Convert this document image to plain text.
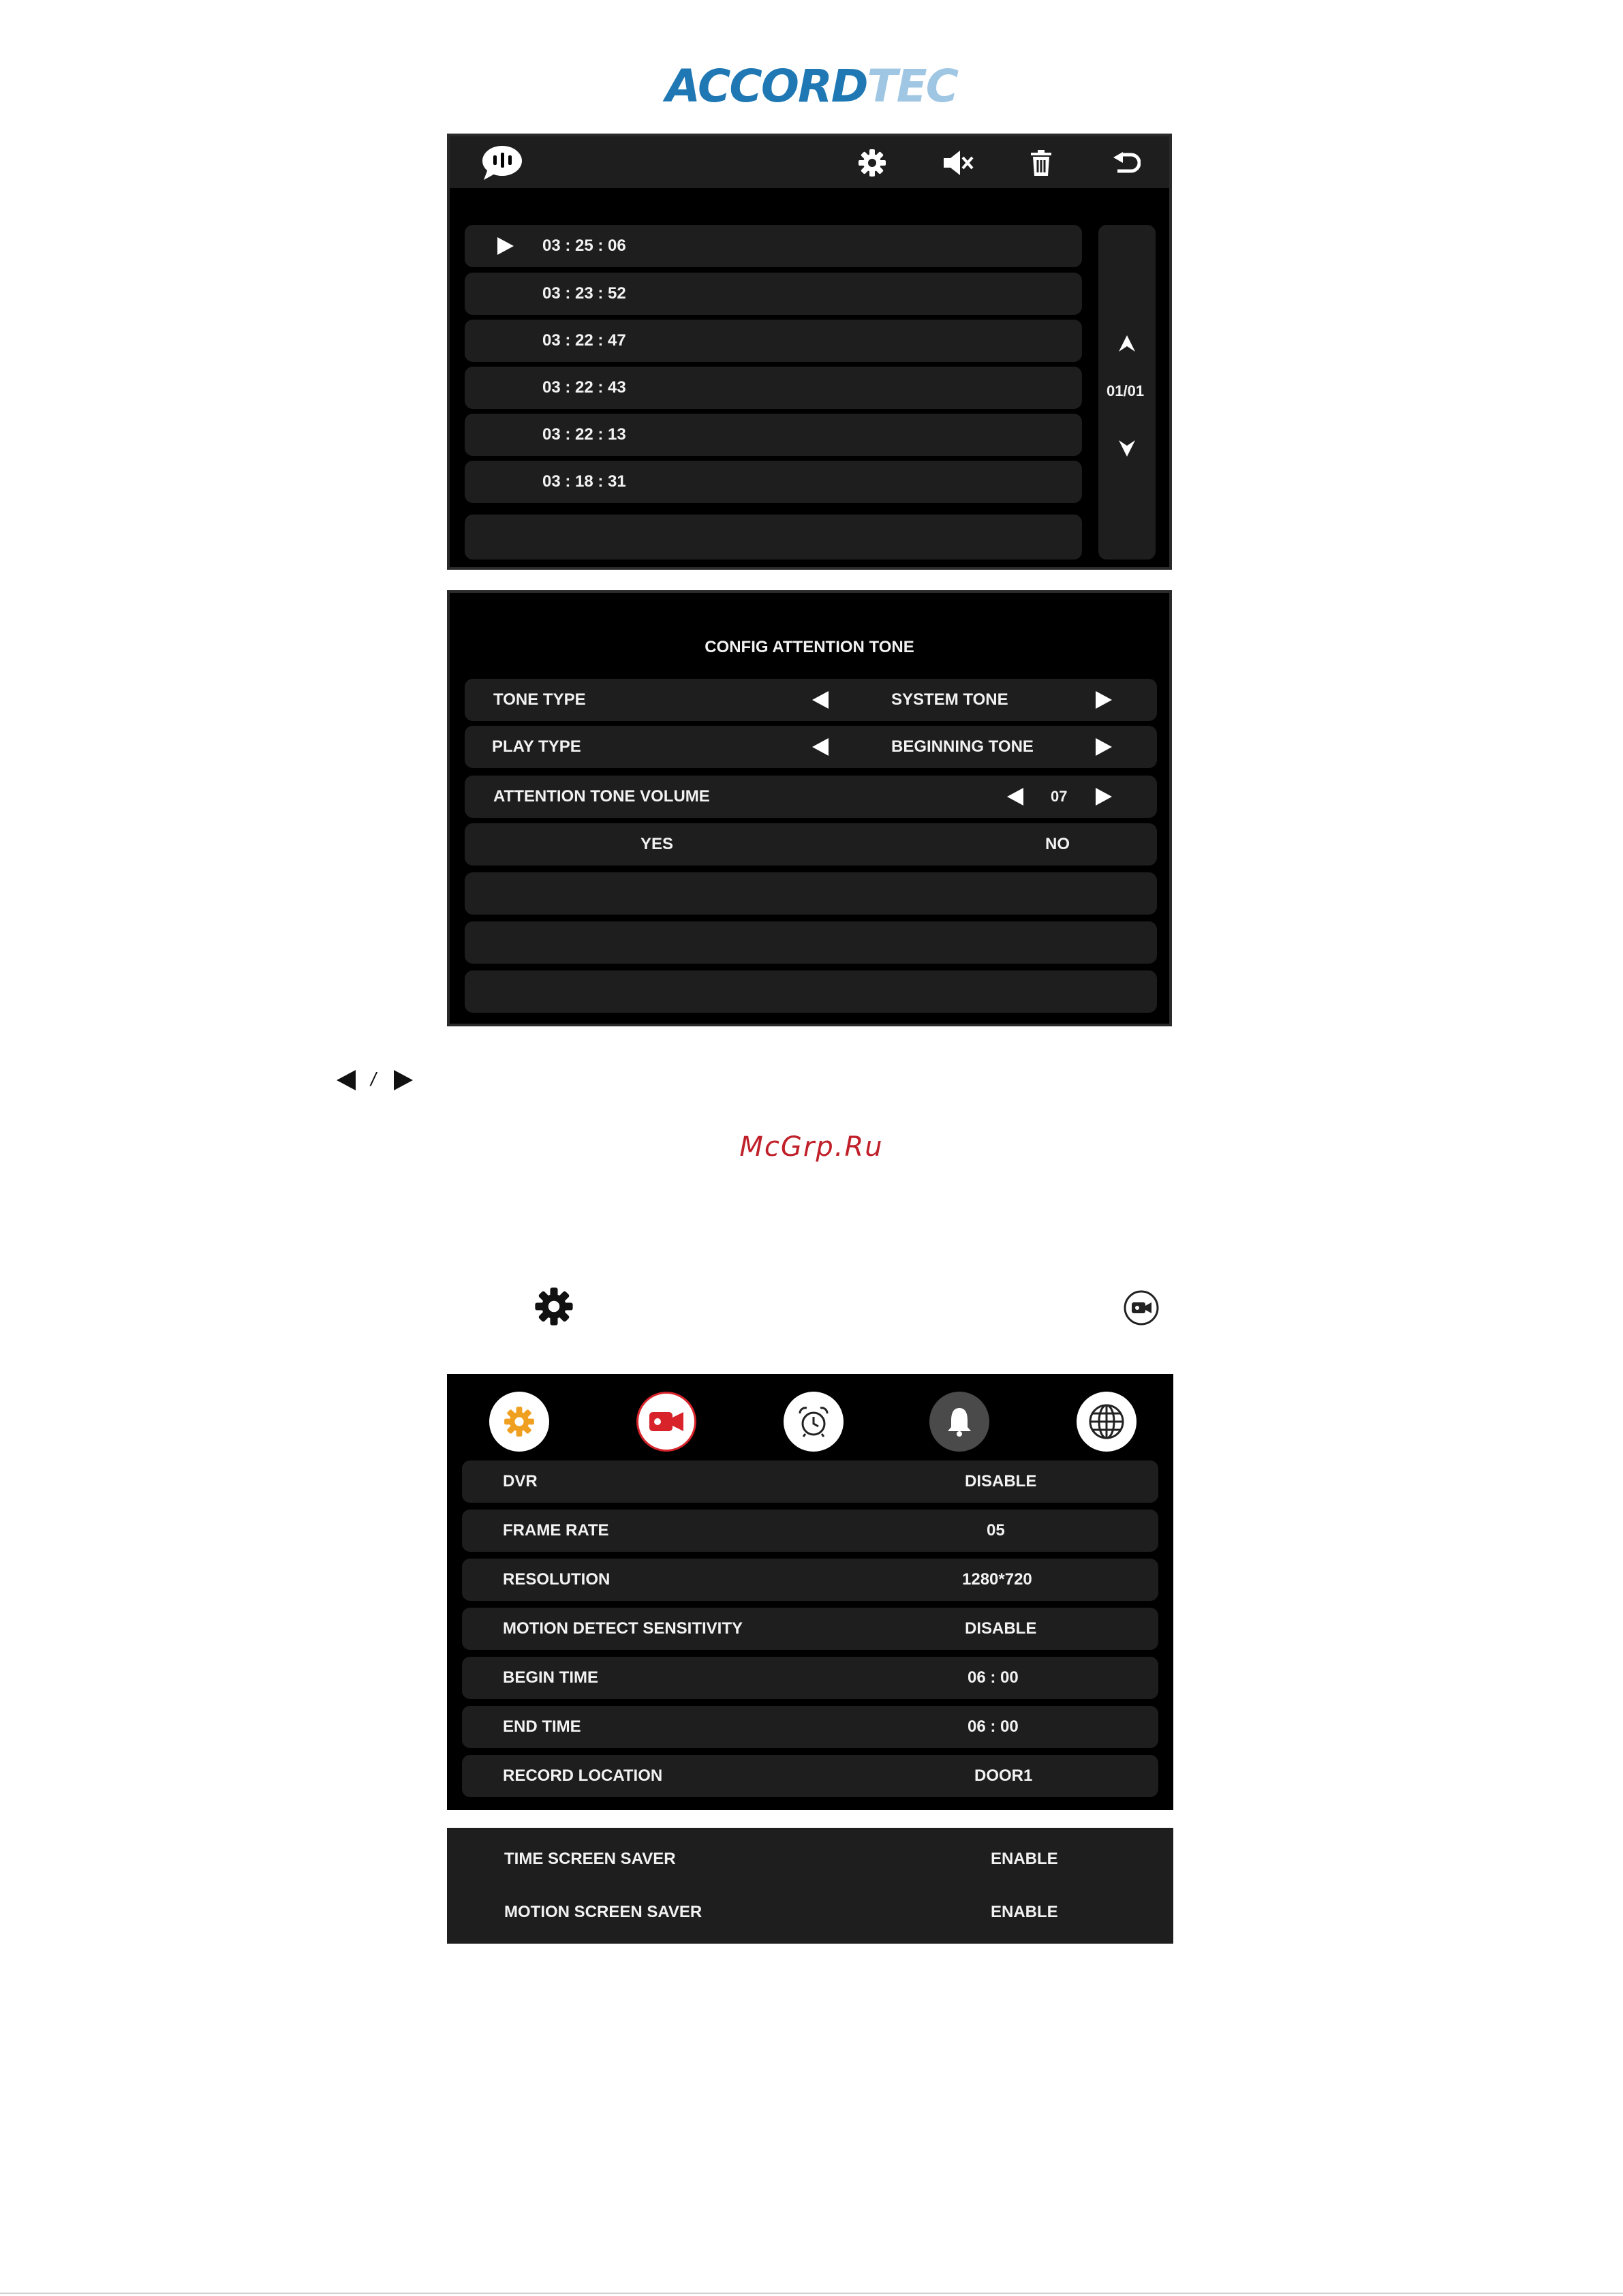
ACCORDTEC
03 : 25 : 06
03 : 23 : 52
03 : 22 : 47
03 : 22 : 43
03 : 22 : 13
03 : 18 : 31
01/01
CONFIG ATTENTION TONE
TONE TYPE	SYSTEM TONE
PLAY TYPE	BEGINNING TONE
ATTENTION TONE VOLUME	07
YES	NO
/
McGrp.Ru
DVR	DISABLE
FRAME RATE	05
RESOLUTION	1280*720
MOTION DETECT SENSITIVITY	DISABLE
BEGIN TIME	06 : 00
END TIME	06 : 00
RECORD LOCATION	DOOR1
TIME SCREEN SAVER	ENABLE
MOTION SCREEN SAVER	ENABLE
